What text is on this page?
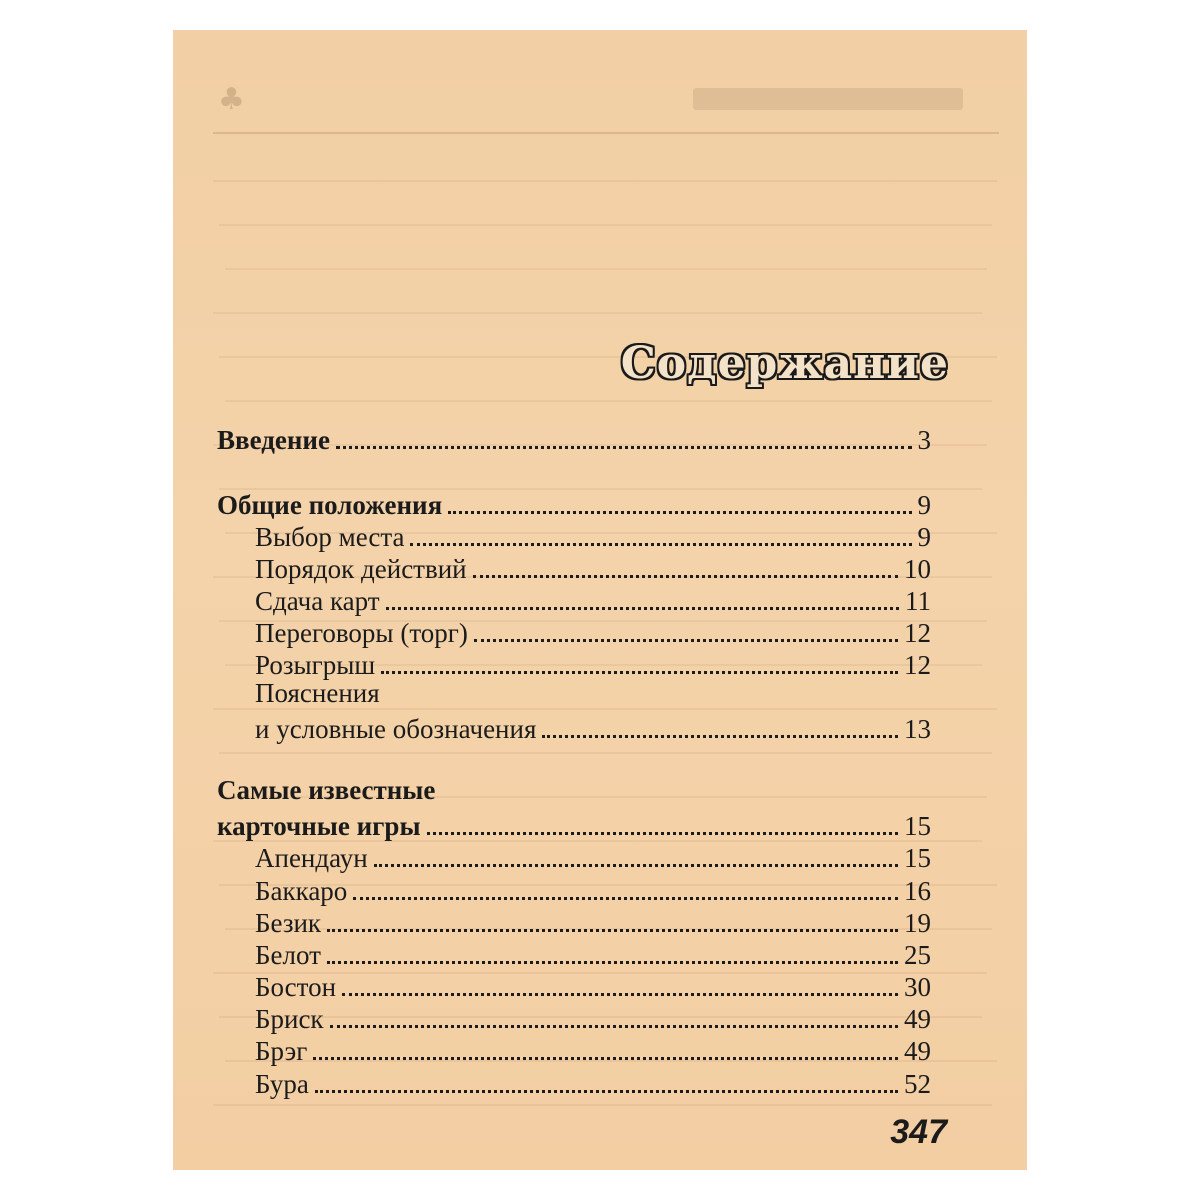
♣
Содержание
Введение	3
Общие положения	9
Выбор места	9
Порядок действий	10
Сдача карт	11
Переговоры (торг)	12
Розыгрыш	12
Пояснения
и условные обозначения	13
Самые известные
карточные игры	15
Апендаун	15
Баккаро	16
Безик	19
Белот	25
Бостон	30
Бриск	49
Брэг	49
Бура	52
347
